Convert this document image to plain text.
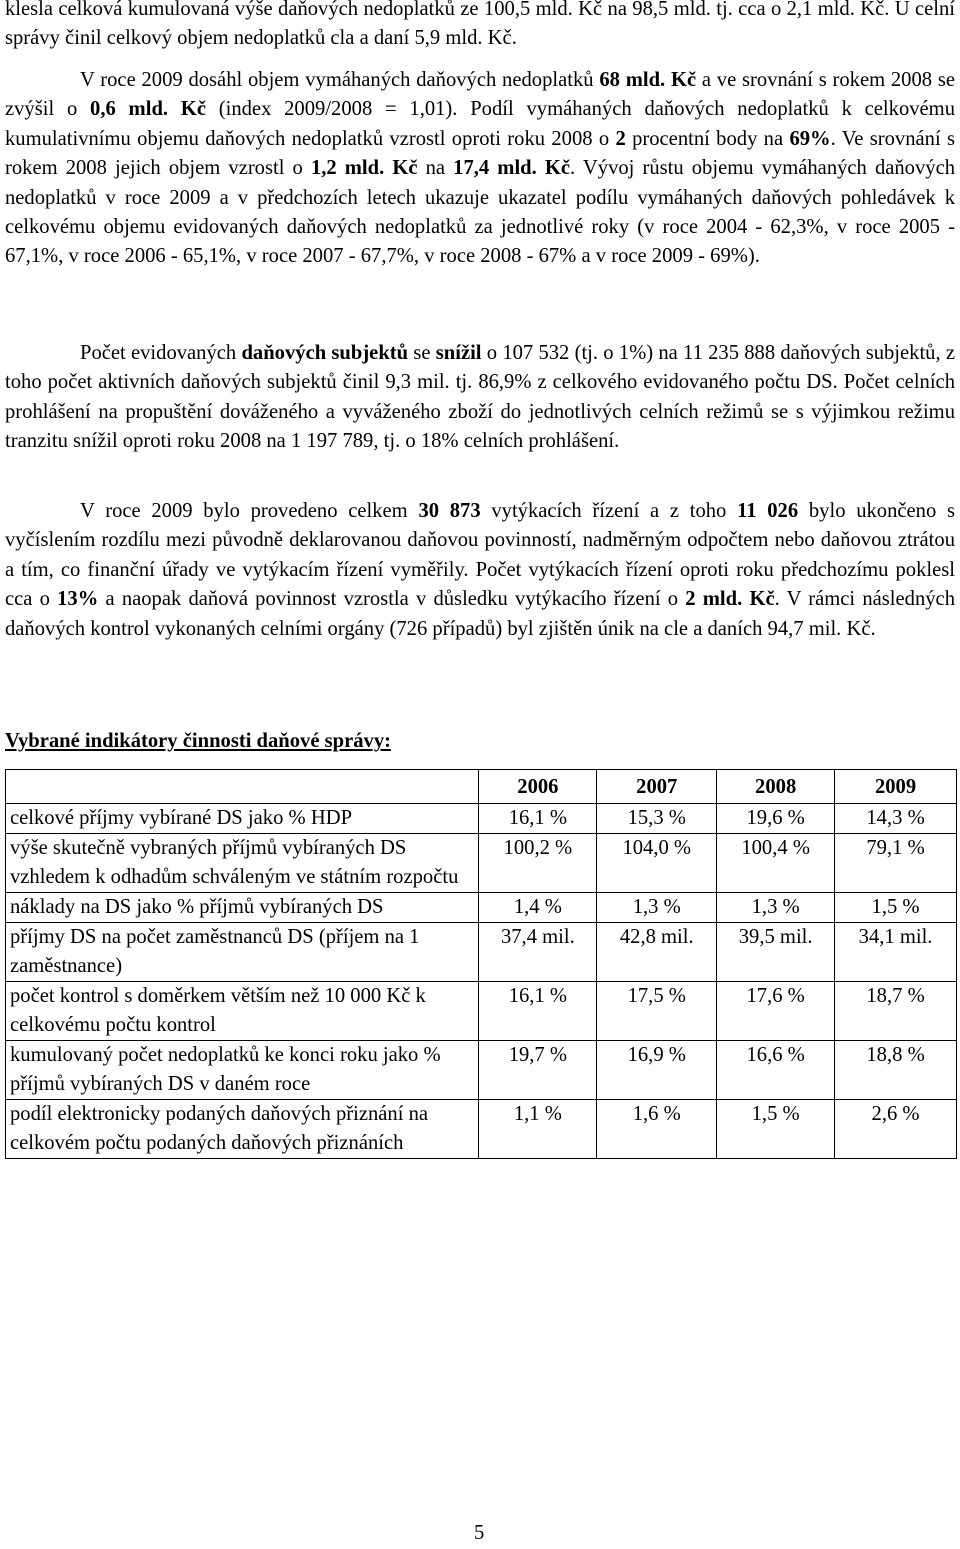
klesla celková kumulovaná výše daňových nedoplatků ze 100,5 mld. Kč na 98,5 mld. tj. cca o 2,1 mld. Kč. U celní správy činil celkový objem nedoplatků cla a daní 5,9 mld. Kč.

V roce 2009 dosáhl objem vymáhaných daňových nedoplatků 68 mld. Kč a ve srovnání s rokem 2008 se zvýšil o 0,6 mld. Kč (index 2009/2008 = 1,01). Podíl vymáhaných daňových nedoplatků k celkovému kumulativnímu objemu daňových nedoplatků vzrostl oproti roku 2008 o 2 procentní body na 69%. Ve srovnání s rokem 2008 jejich objem vzrostl o 1,2 mld. Kč na 17,4 mld. Kč. Vývoj růstu objemu vymáhaných daňových nedoplatků v roce 2009 a v předchozích letech ukazuje ukazatel podílu vymáhaných daňových pohledávek k celkovému objemu evidovaných daňových nedoplatků za jednotlivé roky (v roce 2004 - 62,3%, v roce 2005 - 67,1%, v roce 2006 - 65,1%, v roce 2007 - 67,7%, v roce 2008 - 67% a v roce 2009 - 69%).

Počet evidovaných daňových subjektů se snížil o 107 532 (tj. o 1%) na 11 235 888 daňových subjektů, z toho počet aktivních daňových subjektů činil 9,3 mil. tj. 86,9% z celkového evidovaného počtu DS. Počet celních prohlášení na propuštění dováženého a vyváženého zboží do jednotlivých celních režimů se s výjimkou režimu tranzitu snížil oproti roku 2008 na 1 197 789, tj. o 18% celních prohlášení.

V roce 2009 bylo provedeno celkem 30 873 vytýkacích řízení a z toho 11 026 bylo ukončeno s vyčíslením rozdílu mezi původně deklarovanou daňovou povinností, nadměrným odpočtem nebo daňovou ztrátou a tím, co finanční úřady ve vytýkacím řízení vyměřily. Počet vytýkacích řízení oproti roku předchozímu poklesl cca o 13% a naopak daňová povinnost vzrostla v důsledku vytýkacího řízení o 2 mld. Kč. V rámci následných daňových kontrol vykonaných celními orgány (726 případů) byl zjištěn únik na cle a daních 94,7 mil. Kč.

Vybrané indikátory činnosti daňové správy:

	2006	2007	2008	2009
celkové příjmy vybírané DS jako % HDP	16,1 %	15,3 %	19,6 %	14,3 %
výše skutečně vybraných příjmů vybíraných DS vzhledem k odhadům schváleným ve státním rozpočtu	100,2 %	104,0 %	100,4 %	79,1 %
náklady na DS jako % příjmů vybíraných DS	1,4 %	1,3 %	1,3 %	1,5 %
příjmy DS na počet zaměstnanců DS (příjem na 1 zaměstnance)	37,4 mil.	42,8 mil.	39,5 mil.	34,1 mil.
počet kontrol s doměrkem větším než 10 000 Kč k celkovému počtu kontrol	16,1 %	17,5 %	17,6 %	18,7 %
kumulovaný počet nedoplatků ke konci roku jako % příjmů vybíraných DS v daném roce	19,7 %	16,9 %	16,6 %	18,8 %
podíl elektronicky podaných daňových přiznání na celkovém počtu podaných daňových přiznáních	1,1 %	1,6 %	1,5 %	2,6 %
5
